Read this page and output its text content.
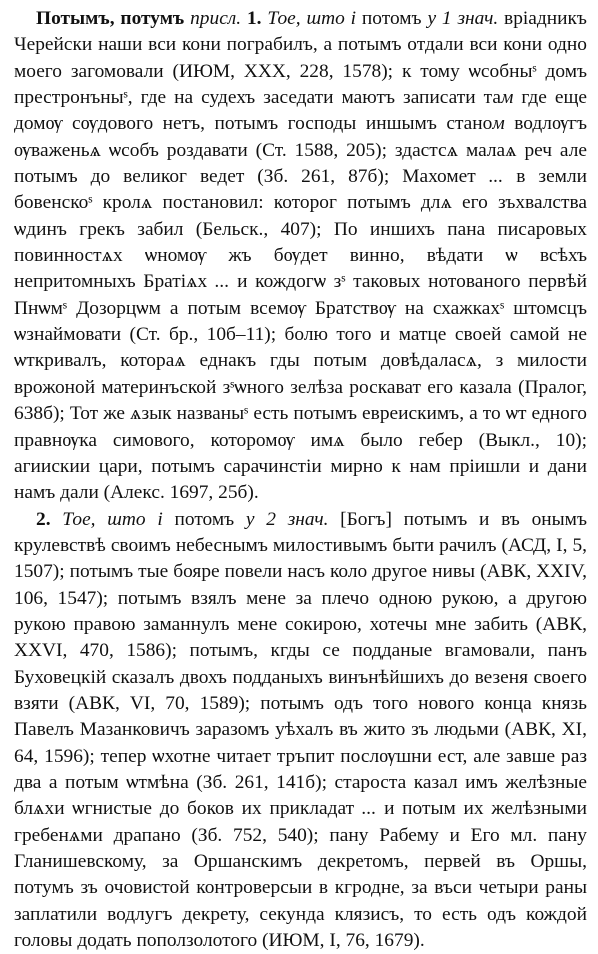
Потымъ, потумъ присл. 1. Тое, што і потомъ у 1 знач. вріадникъ Черейски наши вси кони пограбилъ, а потымъ отдали вси кони одно моего загомовали (ИЮМ, XXX, 228, 1578); к тому ѡсобныˢ домъ престронъныˢ, где на судехъ заседати маютъ записати там где еще домѹ сѹдового нетъ, потымъ господы иншымъ станом водлѹгъ ѹваженьѧ ѡсобъ роздавати (Ст. 1588, 205); здастсѧ малаѧ реч але потымъ до великог ведет (Зб. 261, 87б); Махомет ... в земли бовенскоˢ кролѧ постановил: которог потымъ длѧ его зъхвалства ѡдинъ грекъ забил (Бельск., 407); По иншихъ пана писаровых повинностѧх ѡномѹ жъ бѹдет винно, вѣдати ѡ всѣхъ непритомныхъ Братіѧх ... и кождогѡ зˢ таковых нотованого первѣй Пнѡмˢ Дозорцѡм а потым всемѹ Братствѹ на схажкахˢ штомсцъ ѡзнаймовати (Ст. бр., 10б–11); болю того и матце своей самой не ѡткривалъ, котораѧ еднакъ гды потым довѣдаласѧ, з милости врожоной материнъской зˢѡного зелѣза роскават его казала (Пралог, 638б); Тот же ѧзык названыˢ есть потымъ евреискимъ, а то ѡт едного правнѹка симового, которомѹ имѧ было гебер (Выкл., 10); агиискии цари, потымъ сарачинстіи мирно к нам пріишли и дани намъ дали (Алекс. 1697, 25б).

2. Тое, што і потомъ у 2 знач. [Богъ] потымъ и въ онымъ крулевствѣ своимъ небеснымъ милостивымъ быти рачилъ (АСД, I, 5, 1507); потымъ тые бояре повели насъ коло другое нивы (АВК, XXIV, 106, 1547); потымъ взялъ мене за плечо одною рукою, а другою рукою правою заманнулъ мене сокирою, хотечы мне забить (АВК, XXVI, 470, 1586); потымъ, кгды се подданые вгамовали, панъ Буховецкій сказалъ двохъ подданыхъ винънѣйшихъ до везеня своего взяти (АВК, VI, 70, 1589); потымъ одъ того нового конца князь Павелъ Мазанковичъ заразомъ уѣхалъ въ жито зъ людьми (АВК, XI, 64, 1596); тепер ѡхотне читает тръпит послѹшни ест, але завше раз два а потым ѡтмѣна (Зб. 261, 141б); староста казал имъ желѣзные блѧхи ѡгнистые до боков их прикладат ... и потым их желѣзными гребенѧми драпано (Зб. 752, 540); пану Рабему и Его мл. пану Гланишевскому, за Оршанскимъ декретомъ, первей въ Оршы, потумъ зъ очовистой контроверсыи в кгродне, за въси четыри раны заплатили водлугъ декрету, секунда клязисъ, то есть одъ кождой головы додать поползолотого (ИЮМ, I, 76, 1679).
